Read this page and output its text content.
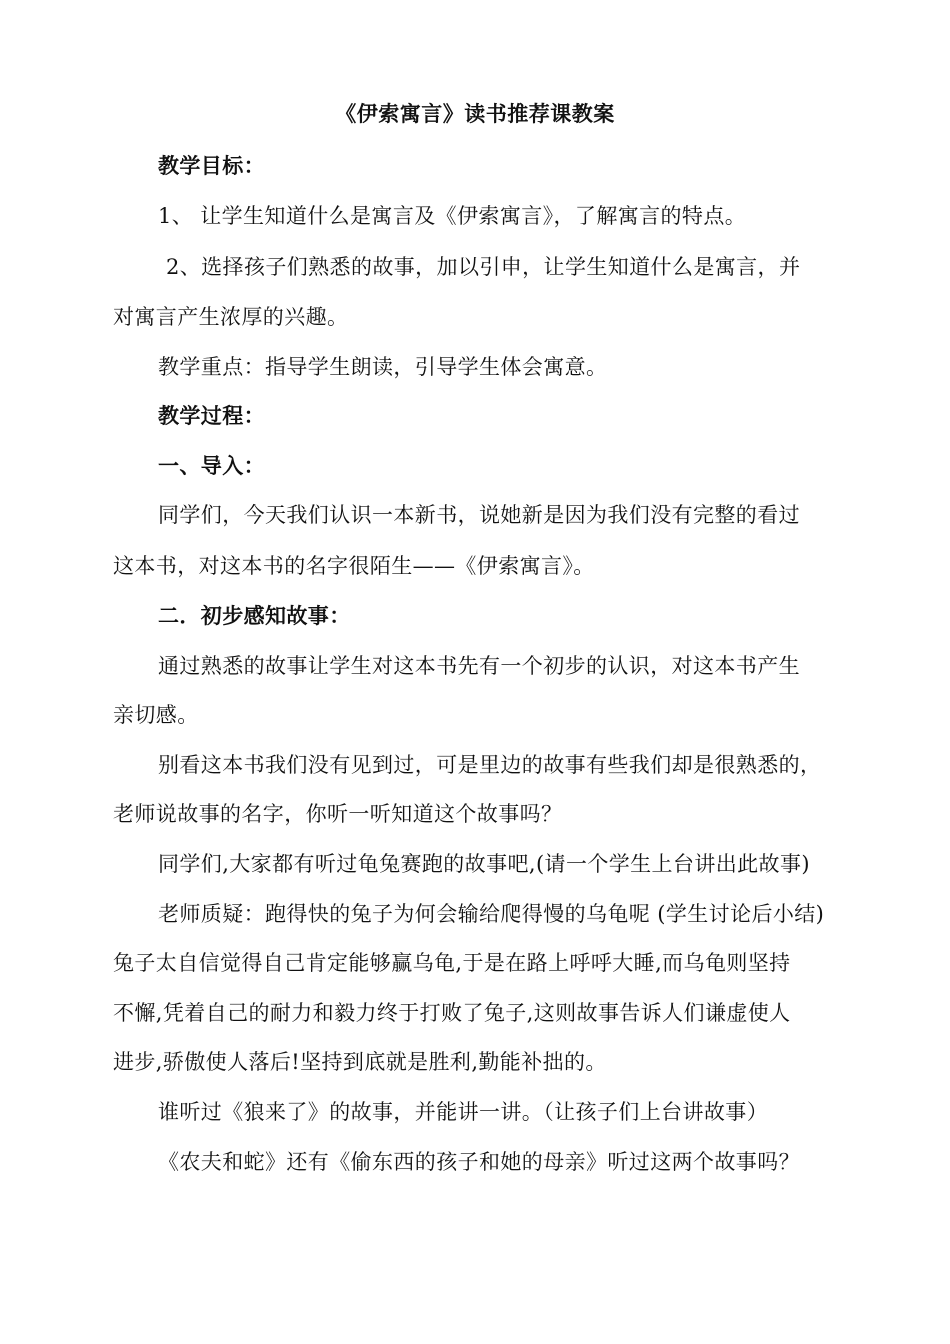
《伊索寓言》读书推荐课教案
教学目标：
1、 让学生知道什么是寓言及《伊索寓言》，了解寓言的特点。
2、选择孩子们熟悉的故事，加以引申，让学生知道什么是寓言，并
对寓言产生浓厚的兴趣。
教学重点：指导学生朗读，引导学生体会寓意。
教学过程：
一、导入：
同学们，今天我们认识一本新书，说她新是因为我们没有完整的看过
这本书，对这本书的名字很陌生——《伊索寓言》。
二．初步感知故事：
通过熟悉的故事让学生对这本书先有一个初步的认识，对这本书产生
亲切感。
别看这本书我们没有见到过，可是里边的故事有些我们却是很熟悉的，
老师说故事的名字，你听一听知道这个故事吗？
同学们,大家都有听过龟兔赛跑的故事吧,(请一个学生上台讲出此故事)
老师质疑：跑得快的兔子为何会输给爬得慢的乌龟呢 (学生讨论后小结)
兔子太自信觉得自己肯定能够赢乌龟,于是在路上呼呼大睡,而乌龟则坚持
不懈,凭着自己的耐力和毅力终于打败了兔子,这则故事告诉人们谦虚使人
进步,骄傲使人落后!坚持到底就是胜利,勤能补拙的。
谁听过《狼来了》的故事，并能讲一讲。（让孩子们上台讲故事）
《农夫和蛇》还有《偷东西的孩子和她的母亲》听过这两个故事吗？
